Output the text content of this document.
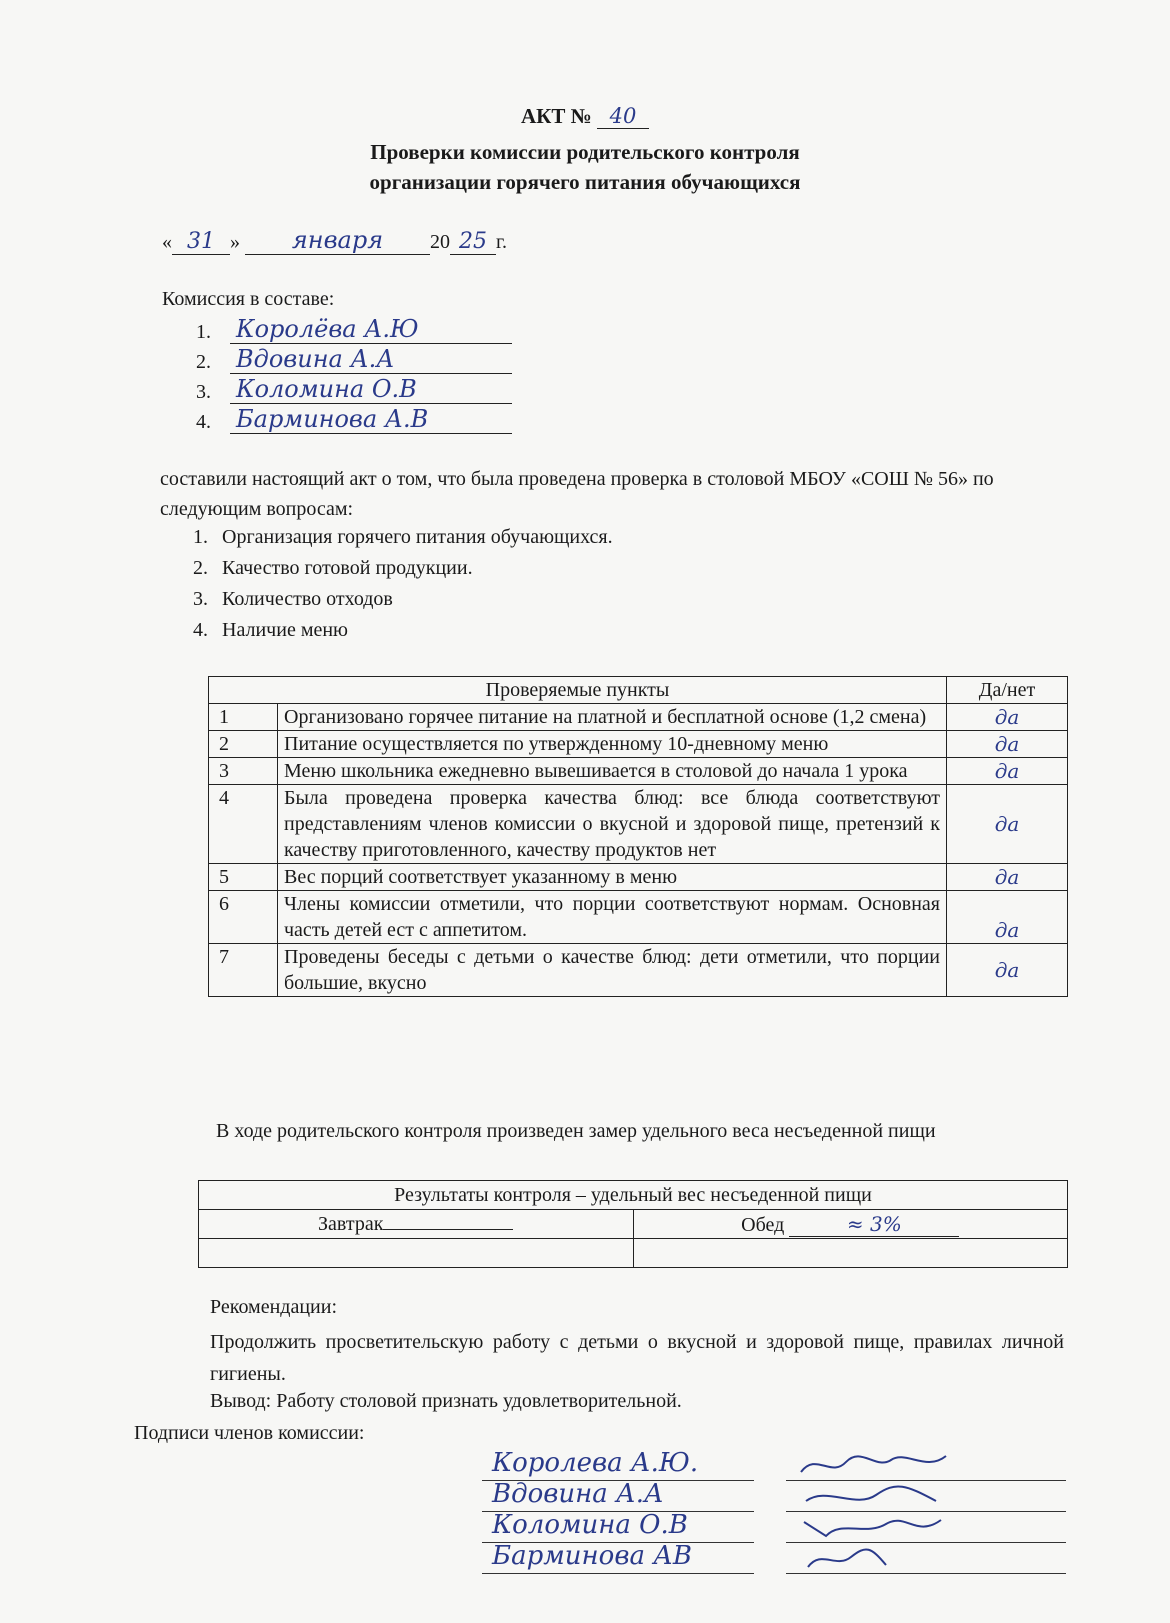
АКТ № 40
Проверки комиссии родительского контроля
организации горячего питания обучающихся
« 31 » января 20 25 г.
Комиссия в составе:
1.	Королёва А.Ю
2.	Вдовина А.А
3.	Коломина О.В
4.	Барминова А.В
составили настоящий акт о том, что была проведена проверка в столовой МБОУ «СОШ № 56» по следующим вопросам:
1. Организация горячего питания обучающихся.
2. Качество готовой продукции.
3. Количество отходов
4. Наличие меню
Проверяемые пункты		Да/нет
1	Организовано горячее питание на платной и бесплатной основе (1,2 смена)	да
2	Питание осуществляется по утвержденному 10-дневному меню	да
3	Меню школьника ежедневно вывешивается в столовой до начала 1 урока	да
4	Была проведена проверка качества блюд: все блюда соответствуют представлениям членов комиссии о вкусной и здоровой пище, претензий к качеству приготовленного, качеству продуктов нет	да
5	Вес порций соответствует указанному в меню	да
6	Члены комиссии отметили, что порции соответствуют нормам. Основная часть детей ест с аппетитом.	да
7	Проведены беседы с детьми о качестве блюд: дети отметили, что порции большие, вкусно	да
В ходе родительского контроля произведен замер удельного веса несъеденной пищи
Результаты контроля – удельный вес несъеденной пищи	
Завтрак	Обед ≈ 3%

Рекомендации:
Продолжить просветительскую работу с детьми о вкусной и здоровой пище, правилах личной гигиены.
Вывод: Работу столовой признать удовлетворительной.
Подписи членов комиссии:
Королева А.Ю.
Вдовина А.А
Коломина О.В
Барминова АВ
